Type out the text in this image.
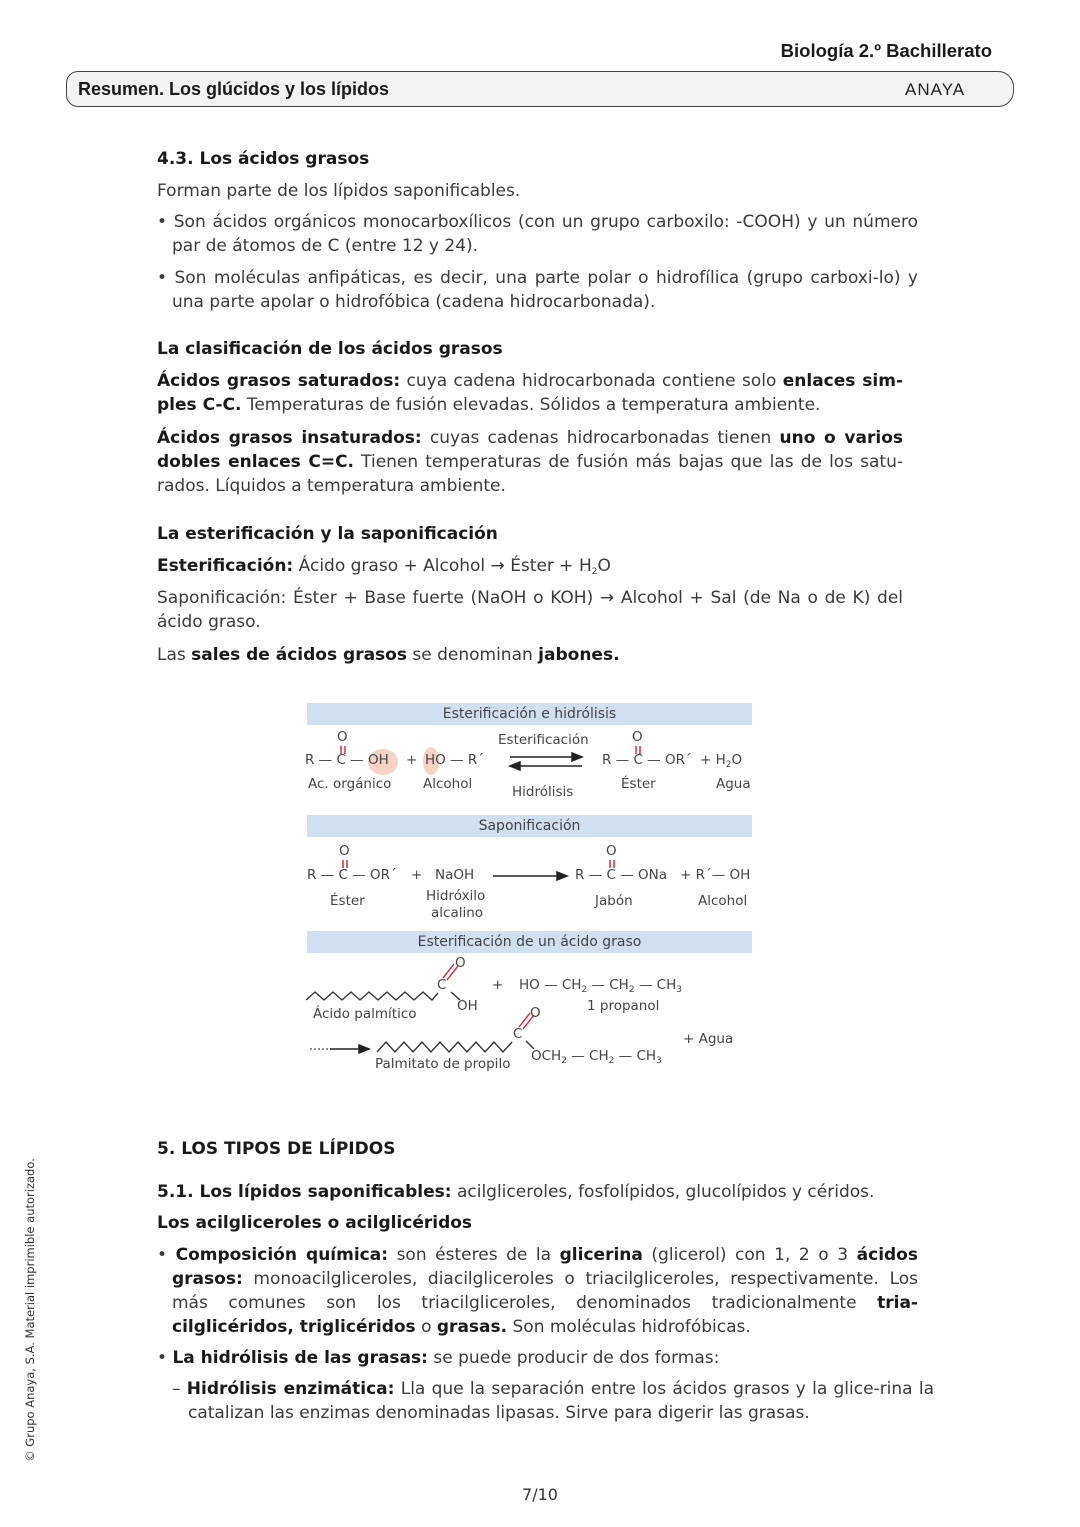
Biología 2.º Bachillerato
Resumen. Los glúcidos y los lípidos	ANAYA
4.3. Los ácidos grasos
Forman parte de los lípidos saponificables.
• Son ácidos orgánicos monocarboxílicos (con un grupo carboxilo: -COOH) y un número par de átomos de C (entre 12 y 24).
• Son moléculas anfipáticas, es decir, una parte polar o hidrofílica (grupo carboxi-lo) y una parte apolar o hidrofóbica (cadena hidrocarbonada).
La clasificación de los ácidos grasos
Ácidos grasos saturados: cuya cadena hidrocarbonada contiene solo enlaces sim-ples C-C. Temperaturas de fusión elevadas. Sólidos a temperatura ambiente.
Ácidos grasos insaturados: cuyas cadenas hidrocarbonadas tienen uno o varios dobles enlaces C=C. Tienen temperaturas de fusión más bajas que las de los satu-rados. Líquidos a temperatura ambiente.
La esterificación y la saponificación
Esterificación: Ácido graso + Alcohol → Éster + $H_2O$
Saponificación: Éster + Base fuerte (NaOH o KOH) → Alcohol + Sal (de Na o de K) del ácido graso.
Las sales de ácidos grasos se denominan jabones.
Esterificación e hidrólisis
Saponificación
Esterificación de un ácido graso
O
R — C — OH + HO — R´
Esterificación
Hidrólisis
O
R — C — OR´ + $H_2O$
Ac. orgánico Alcohol	Éster	Agua
O
R — C — OR´ + NaOH
O
R — C — ONa + R´— OH
Éster	Hidróxilo
alcalino
Jabón	Alcohol
O
C
OH
+ HO — $CH_2$ — $CH_2$ — $CH_3$
1 propanol
Ácido palmítico	O
C
$OCH_2$ — $CH_2$ — $CH_3$
+ Agua
Palmitato de propilo
5. LOS TIPOS DE LÍPIDOS
5.1. Los lípidos saponificables: acilgliceroles, fosfolípidos, glucolípidos y céridos.
Los acilgliceroles o acilglicéridos
• Composición química: son ésteres de la glicerina (glicerol) con 1, 2 o 3 ácidos grasos: monoacilgliceroles, diacilgliceroles o triacilgliceroles, respectivamente. Los más comunes son los triacilgliceroles, denominados tradicionalmente tria-cilglicéridos, triglicéridos o grasas. Son moléculas hidrofóbicas.
• La hidrólisis de las grasas: se puede producir de dos formas:
– Hidrólisis enzimática: Lla que la separación entre los ácidos grasos y la glice-rina la catalizan las enzimas denominadas lipasas. Sirve para digerir las grasas.
© Grupo Anaya, S.A. Material imprimible autorizado.
7/10
